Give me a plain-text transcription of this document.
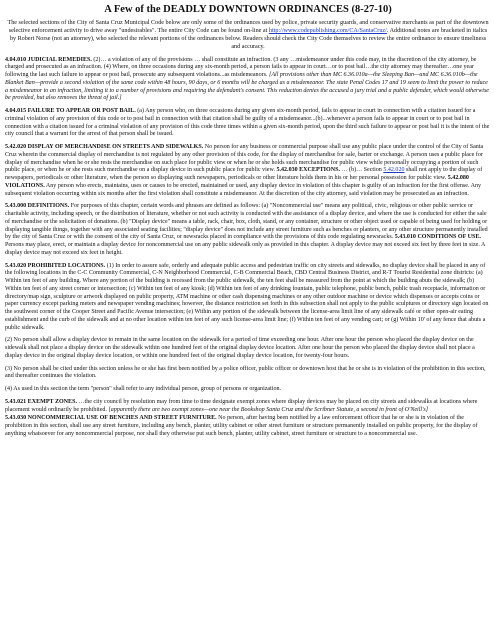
A Few of the DEADLY DOWNTOWN ORDINANCES (8-27-10)
The selected sections of the City of Santa Cruz Municipal Code below are only some of the ordinances used by police, private security guards, and conservative merchants as part of the downtown selective enforcement activity to drive away "undesirables". The entire City Code can be found on-line at http://www.codepublishing.com/CA/SantaCruz/. Additional notes are bracketed in italics by Robert Norse (not an attorney), who selected the relevant portions of the ordinances below. Readers should check the City Code themselves to review the entire ordinance to ensure timeliness and accuracy.
4.04.010 JUDICIAL REMEDIES. (2)… a violation of any of the provisions … shall constitute an infraction. (3 any …misdemeanor under this code may, in the discretion of the city attorney, be charged and prosecuted as an infraction. (4) Where, on three occasions during any six-month period, a person fails to appear in court…or to post bail…the city attorney may thereafter…one year following the last such failure to appear or post bail, prosecute any subsequent violations...as misdemeanors. [All provisions other than MC 6.36.010a—the Sleeping Ban—and MC 6.36.010b—the Blanket Ban—provide a second violation of the same code within 48 hours, 90 days, or 6 months will be charged as a misdemeanor. The state Penal Codes 17 and 19 seem to limit the power to reduce a misdemeanor to an infraction, limiting it to a number of provisions and requiring the defendant's consent. This reduction denies the accused a jury trial and a public defender, which would otherwise be provided, but also removes the threat of jail.]
4.04.015 FAILURE TO APPEAR OR POST BAIL. (a) Any person who, on three occasions during any given six-month period, fails to appear in court in connection with a citation issued for a criminal violation of any provision of this code or to post bail in connection with that citation shall be guilty of a misdemeanor...(b)...whenever a person fails to appear in court or to post bail in connection with a citation issued for a criminal violation of any provision of this code three times within a given six-month period, upon the third such failure to appear or post bail it is the intent of the city council that a warrant for the arrest of that person shall be issued.
5.42.020 DISPLAY OF MERCHANDISE ON STREETS AND SIDEWALKS. No person for any business or commercial purpose shall use any public place under the control of the City of Santa Cruz wherein the commercial display of merchandise is not regulated by any other provision of this code, for the display of merchandise for sale, barter or exchange. A person uses a public place for display of merchandise when he or she rests the merchandise on such place for public view or when he or she holds such merchandise for public view while personally occupying a portion of such public place, or when he or she rests such merchandise on a display device in such public place for public view. 5.42.030 EXCEPTIONS. … (b)… Section 5.42.020 shall not apply to the display of newspapers, periodicals or other literature, when the person so displaying such newspapers, periodicals or other literature holds them in his or her personal possession for public view. 5.42.080 VIOLATIONS. Any person who erects, maintains, uses or causes to be erected, maintained or used, any display device in violation of this chapter is guilty of an infraction for the first offense. Any subsequent violation occurring within six months after the first violation shall constitute a misdemeanor. At the discretion of the city attorney, said violation may be prosecuted as an infraction.
5.43.000 DEFINITIONS. For purposes of this chapter, certain words and phrases are defined as follows: (a) "Noncommercial use" means any political, civic, religious or other public service or charitable activity, including speech, or the distribution of literature, whether or not such activity is conducted with the assistance of a display device, and where the use is conducted for either the sale of merchandise or the solicitation of donations. (b) "Display device" means a table, rack, chair, box, cloth, stand, or any container, structure or other object used or capable of being used for holding or displaying tangible things, together with any associated seating facilities; "display device" does not include any street furniture such as benches or planters, or any other structure permanently installed by the city of Santa Cruz or with the consent of the city of Santa Cruz, or newsracks placed in compliance with the provisions of this code regulating newsracks. 5.43.010 CONDITIONS OF USE. Persons may place, erect, or maintain a display device for noncommercial use on any public sidewalk only as provided in this chapter. A display device may not exceed six feet by three feet in size. A display device may not exceed six feet in height.
5.43.020 PROHIBITED LOCATIONS. (1) In order to assure safe, orderly and adequate public access and pedestrian traffic on city streets and sidewalks, no display device shall be placed in any of the following locations in the C-C Community Commercial, C-N Neighborhood Commercial, C-B Commercial Beach, CBD Central Business District, and R-T Tourist Residential zone districts: (a) Within ten feet of any building. Where any portion of the building is recessed from the public sidewalk, the ten feet shall be measured from the point at which the building abuts the sidewalk; (b) Within ten feet of any street corner or intersection; (c) Within ten feet of any kiosk; (d) Within ten feet of any drinking fountain, public telephone, public bench, public trash receptacle, information or directory/map sign, sculpture or artwork displayed on public property, ATM machine or other cash dispensing machines or any other outdoor machine or device which dispenses or accepts coins or paper currency except parking meters and newspaper vending machines; however, the distance restriction set forth in this subsection shall not apply to the public sculptures or directory sign located on the southwest corner of the Cooper Street and Pacific Avenue intersection; (e) Within any portion of the sidewalk between the license-area limit line of any sidewalk café or other open-air eating establishment and the curb of the sidewalk and at no other location within ten feet of any such license-area limit line; (f) Within ten feet of any vending cart; or (g) Within 10' of any fence that abuts a public sidewalk.
(2) No person shall allow a display device to remain in the same location on the sidewalk for a period of time exceeding one hour. After one hour the person who placed the display device on the sidewalk shall not place a display device on the sidewalk within one hundred feet of the original display device location. After one hour the person who placed the display device shall not place a display device in the original display device location, or within one hundred feet of the original display device location, for twenty-four hours.
(3) No person shall be cited under this section unless he or she has first been notified by a police officer, public officer or downtown host that he or she is in violation of the prohibition in this section, and thereafter continues the violation.
(4) As used in this section the term "person" shall refer to any individual person, group of persons or organization.
5.43.021 EXEMPT ZONES. …the city council by resolution may from time to time designate exempt zones where display devices may be placed on city streets and sidewalks at locations where placement would ordinarily be prohibited. [apparently there are two exempt zones—one near the Bookshop Santa Cruz and the Scribner Statute, a second in front of O'Neill's]
5.43.030 NONCOMMERCIAL USE OF BENCHES AND STREET FURNITURE. No person, after having been notified by a law enforcement officer that he or she is in violation of the prohibition in this section, shall use any street furniture, including any bench, planter, utility cabinet or other street furniture or structure permanently installed on public property, for the display of anything whatsoever for any noncommercial purpose, nor shall they otherwise put such bench, planter, utility cabinet, street furniture or structure to a noncommercial use.
